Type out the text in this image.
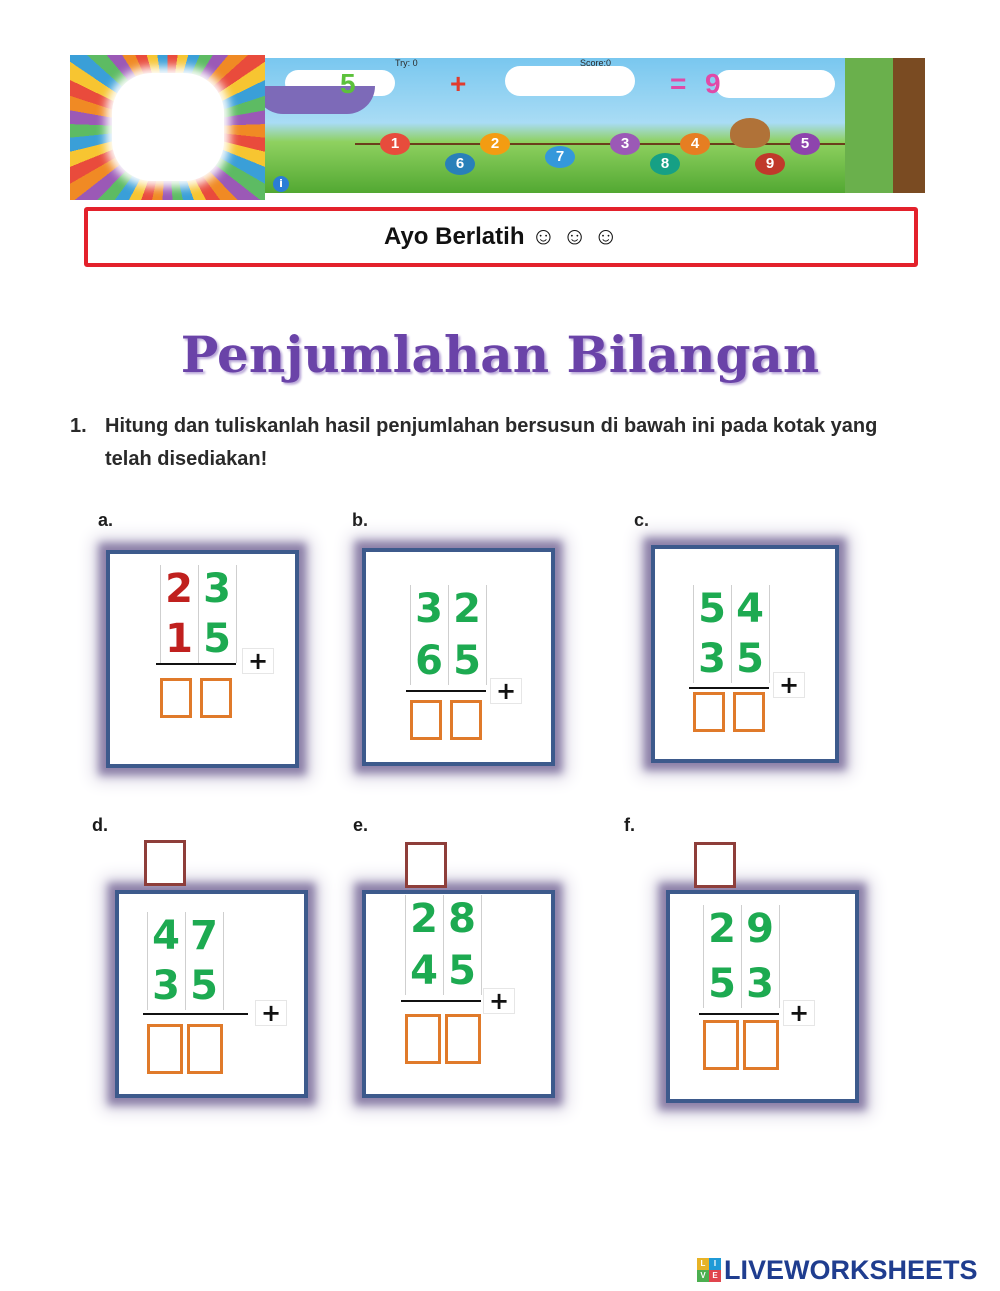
Try: 0	Score:0
5	+	= 9
1	2
7
3	4	5
6	8	9
i
Ayo Berlatih ☺ ☺ ☺
Penjumlahan Bilangan
1. Hitung dan tuliskanlah hasil penjumlahan bersusun di bawah ini pada kotak yang telah disediakan!
a.
2 3
1 5 +
b.
3 2
6 5
+
c.
5 4
3 5
+
d.
4 7
3 5
+
e.
2 8
4 5
+
f.
2 9
5 3
+
L	I
V E LIVEWORKSHEETS
